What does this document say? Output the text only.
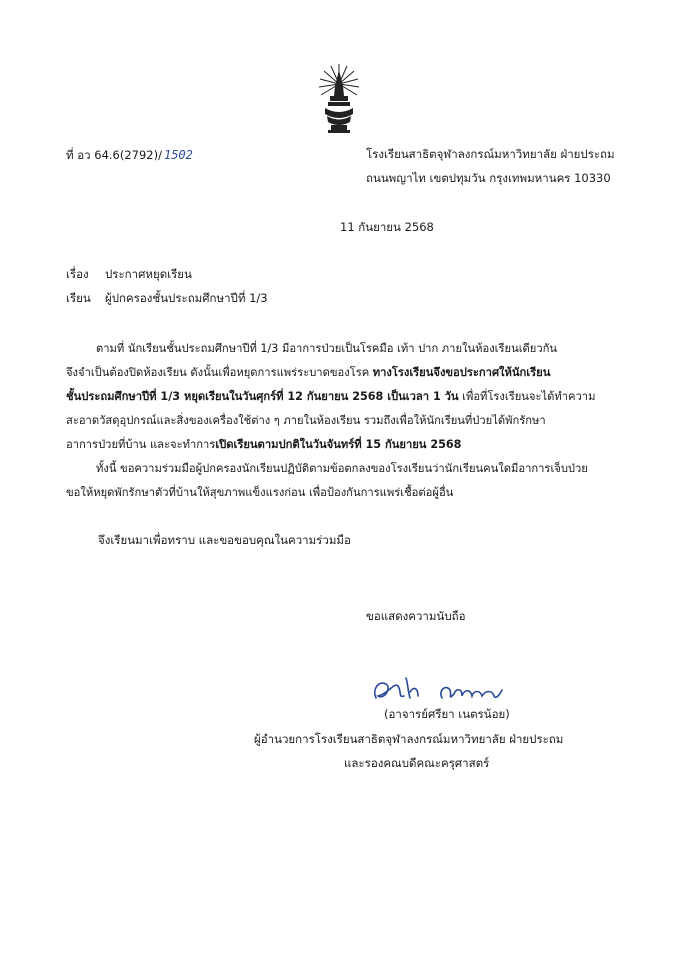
ที่ อว 64.6(2792)/ 1502	โรงเรียนสาธิตจุฬาลงกรณ์มหาวิทยาลัย ฝ่ายประถม
ถนนพญาไท เขตปทุมวัน กรุงเทพมหานคร 10330
11 กันยายน 2568
เรื่อง ประกาศหยุดเรียน
เรียน ผู้ปกครองชั้นประถมศึกษาปีที่ 1/3
ตามที่ นักเรียนชั้นประถมศึกษาปีที่ 1/3 มีอาการป่วยเป็นโรคมือ เท้า ปาก ภายในห้องเรียนเดียวกัน
จึงจำเป็นต้องปิดห้องเรียน ดังนั้นเพื่อหยุดการแพร่ระบาดของโรค ทางโรงเรียนจึงขอประกาศให้นักเรียน
ชั้นประถมศึกษาปีที่ 1/3 หยุดเรียนในวันศุกร์ที่ 12 กันยายน 2568 เป็นเวลา 1 วัน เพื่อที่โรงเรียนจะได้ทำความ
สะอาดวัสดุอุปกรณ์และสิ่งของเครื่องใช้ต่าง ๆ ภายในห้องเรียน รวมถึงเพื่อให้นักเรียนที่ป่วยได้พักรักษา
อาการป่วยที่บ้าน และจะทำการเปิดเรียนตามปกติในวันจันทร์ที่ 15 กันยายน 2568
ทั้งนี้ ขอความร่วมมือผู้ปกครองนักเรียนปฏิบัติตามข้อตกลงของโรงเรียนว่านักเรียนคนใดมีอาการเจ็บป่วย
ขอให้หยุดพักรักษาตัวที่บ้านให้สุขภาพแข็งแรงก่อน เพื่อป้องกันการแพร่เชื้อต่อผู้อื่น
จึงเรียนมาเพื่อทราบ และขอขอบคุณในความร่วมมือ
ขอแสดงความนับถือ
(อาจารย์ศรียา เนตรน้อย)
ผู้อำนวยการโรงเรียนสาธิตจุฬาลงกรณ์มหาวิทยาลัย ฝ่ายประถม
และรองคณบดีคณะครุศาสตร์
